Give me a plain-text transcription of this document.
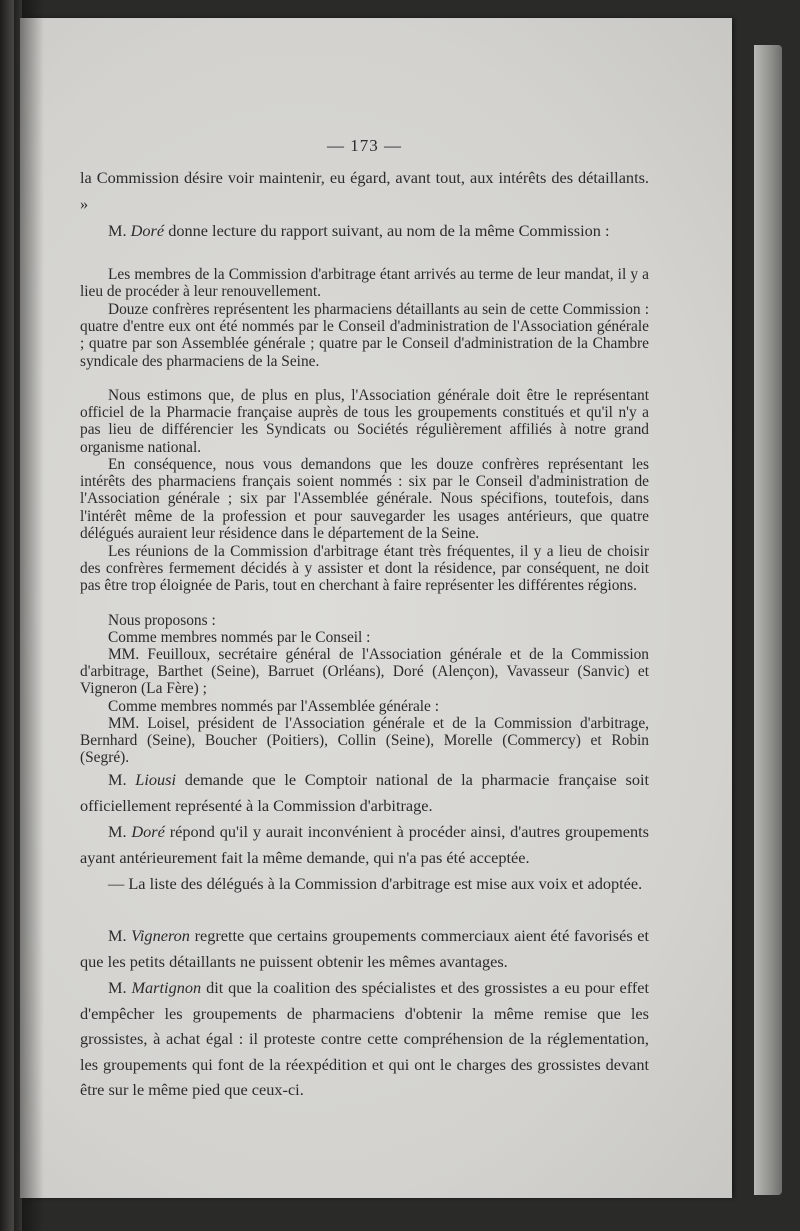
— 173 —

la Commission désire voir maintenir, eu égard, avant tout, aux intérêts des détaillants. »

M. Doré donne lecture du rapport suivant, au nom de la même Commission :

Les membres de la Commission d'arbitrage étant arrivés au terme de leur mandat, il y a lieu de procéder à leur renouvellement.

Douze confrères représentent les pharmaciens détaillants au sein de cette Commission : quatre d'entre eux ont été nommés par le Conseil d'administration de l'Association générale ; quatre par son Assemblée générale ; quatre par le Conseil d'administration de la Chambre syndicale des pharmaciens de la Seine.

Nous estimons que, de plus en plus, l'Association générale doit être le représentant officiel de la Pharmacie française auprès de tous les groupements constitués et qu'il n'y a pas lieu de différencier les Syndicats ou Sociétés régulièrement affiliés à notre grand organisme national.

En conséquence, nous vous demandons que les douze confrères représentant les intérêts des pharmaciens français soient nommés : six par le Conseil d'administration de l'Association générale ; six par l'Assemblée générale. Nous spécifions, toutefois, dans l'intérêt même de la profession et pour sauvegarder les usages antérieurs, que quatre délégués auraient leur résidence dans le département de la Seine.

Les réunions de la Commission d'arbitrage étant très fréquentes, il y a lieu de choisir des confrères fermement décidés à y assister et dont la résidence, par conséquent, ne doit pas être trop éloignée de Paris, tout en cherchant à faire représenter les différentes régions.

Nous proposons :

Comme membres nommés par le Conseil :

MM. Feuilloux, secrétaire général de l'Association générale et de la Commission d'arbitrage, Barthet (Seine), Barruet (Orléans), Doré (Alençon), Vavasseur (Sanvic) et Vigneron (La Fère) ;

Comme membres nommés par l'Assemblée générale :

MM. Loisel, président de l'Association générale et de la Commission d'arbitrage, Bernhard (Seine), Boucher (Poitiers), Collin (Seine), Morelle (Commercy) et Robin (Segré).

M. Liousi demande que le Comptoir national de la pharmacie française soit officiellement représenté à la Commission d'arbitrage.

M. Doré répond qu'il y aurait inconvénient à procéder ainsi, d'autres groupements ayant antérieurement fait la même demande, qui n'a pas été acceptée.

— La liste des délégués à la Commission d'arbitrage est mise aux voix et adoptée.

M. Vigneron regrette que certains groupements commerciaux aient été favorisés et que les petits détaillants ne puissent obtenir les mêmes avantages.

M. Martignon dit que la coalition des spécialistes et des grossistes a eu pour effet d'empêcher les groupements de pharmaciens d'obtenir la même remise que les grossistes, à achat égal : il proteste contre cette compréhension de la réglementation, les groupements qui font de la réexpédition et qui ont le charges des grossistes devant être sur le même pied que ceux-ci.
